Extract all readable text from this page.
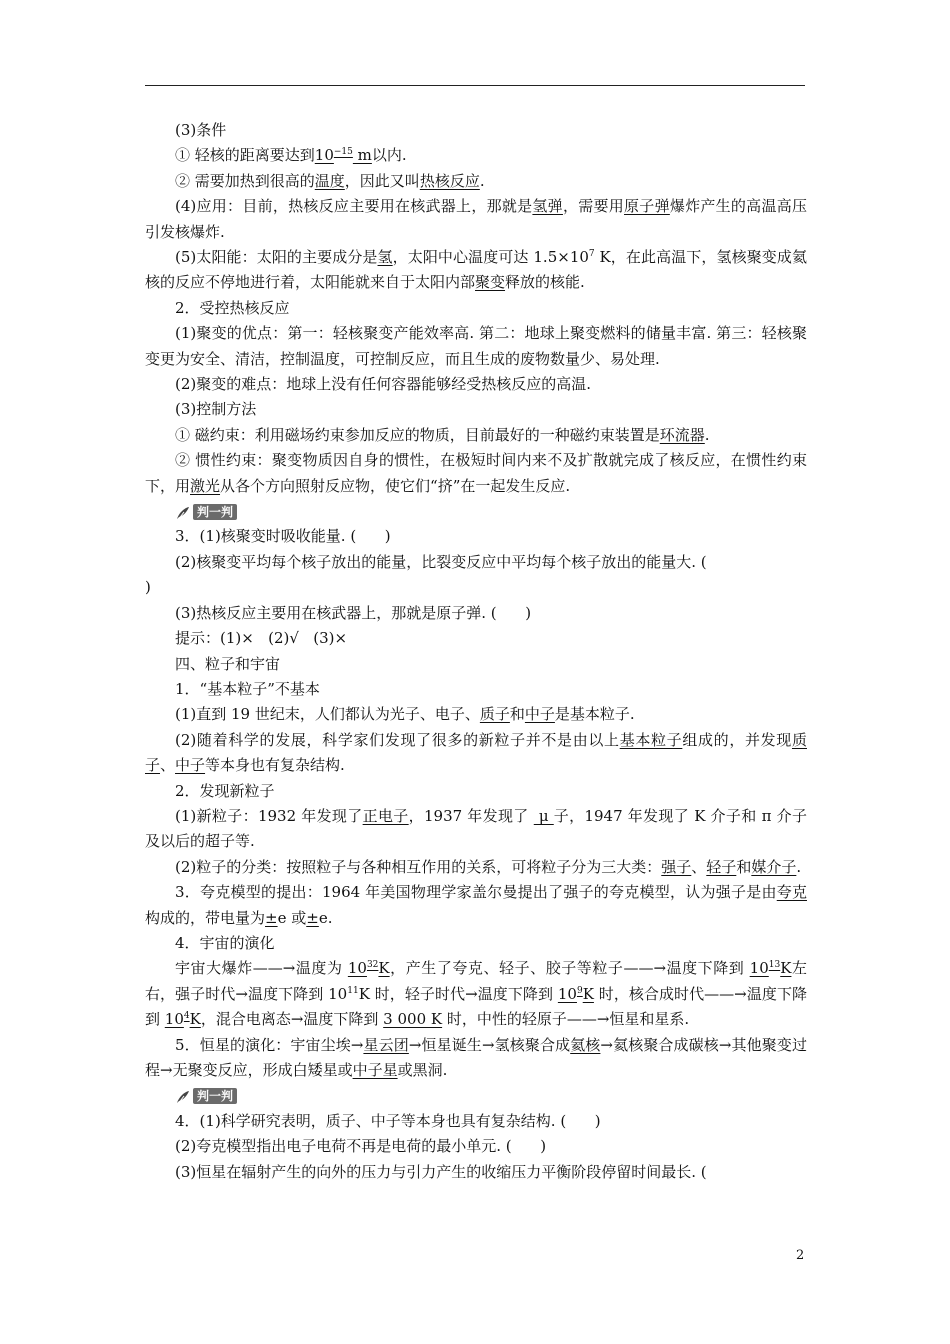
(3)条件

① 轻核的距离要达到$10^{-15}$ m以内.

② 需要加热到很高的温度，因此又叫热核反应.

(4)应用：目前，热核反应主要用在核武器上，那就是氢弹，需要用原子弹爆炸产生的高温高压引发核爆炸.

(5)太阳能：太阳的主要成分是氢，太阳中心温度可达 $1.5\times 10^7$ K，在此高温下，氢核聚变成氦核的反应不停地进行着，太阳能就来自于太阳内部聚变释放的核能.

2．受控热核反应

(1)聚变的优点：第一：轻核聚变产能效率高. 第二：地球上聚变燃料的储量丰富. 第三：轻核聚变更为安全、清洁，控制温度，可控制反应，而且生成的废物数量少、易处理.

(2)聚变的难点：地球上没有任何容器能够经受热核反应的高温.

(3)控制方法

① 磁约束：利用磁场约束参加反应的物质，目前最好的一种磁约束装置是环流器.

② 惯性约束：聚变物质因自身的惯性，在极短时间内来不及扩散就完成了核反应，在惯性约束下，用激光从各个方向照射反应物，使它们“挤”在一起发生反应.

判一判

3．(1)核聚变时吸收能量. (      )

(2)核聚变平均每个核子放出的能量，比裂变反应中平均每个核子放出的能量大. (

)

(3)热核反应主要用在核武器上，那就是原子弹. (      )

提示：(1)×   (2)√   (3)×

四、粒子和宇宙

1．“基本粒子”不基本

(1)直到 19 世纪末，人们都认为光子、电子、质子和中子是基本粒子.

(2)随着科学的发展，科学家们发现了很多的新粒子并不是由以上基本粒子组成的，并发现质子、中子等本身也有复杂结构.

2．发现新粒子

(1)新粒子：1932 年发现了正电子，1937 年发现了  μ 子，1947 年发现了 K 介子和 π 介子及以后的超子等.

(2)粒子的分类：按照粒子与各种相互作用的关系，可将粒子分为三大类：强子、轻子和媒介子.

3．夸克模型的提出：1964 年美国物理学家盖尔曼提出了强子的夸克模型，认为强子是由夸克构成的，带电量为±e 或±e.

4．宇宙的演化

宇宙大爆炸——→温度为 $10^{32}K$，产生了夸克、轻子、胶子等粒子——→温度下降到 $10^{13}K$左右，强子时代→温度下降到 $10^{11}K$ 时，轻子时代→温度下降到 $10^9K$ 时，核合成时代——→温度下降到 $10^4K$，混合电离态→温度下降到 3 000 K 时，中性的轻原子——→恒星和星系.

5．恒星的演化：宇宙尘埃→星云团→恒星诞生→氢核聚合成氦核→氦核聚合成碳核→其他聚变过程→无聚变反应，形成白矮星或中子星或黑洞.

判一判

4．(1)科学研究表明，质子、中子等本身也具有复杂结构. (      )

(2)夸克模型指出电子电荷不再是电荷的最小单元. (      )

(3)恒星在辐射产生的向外的压力与引力产生的收缩压力平衡阶段停留时间最长. (

2
